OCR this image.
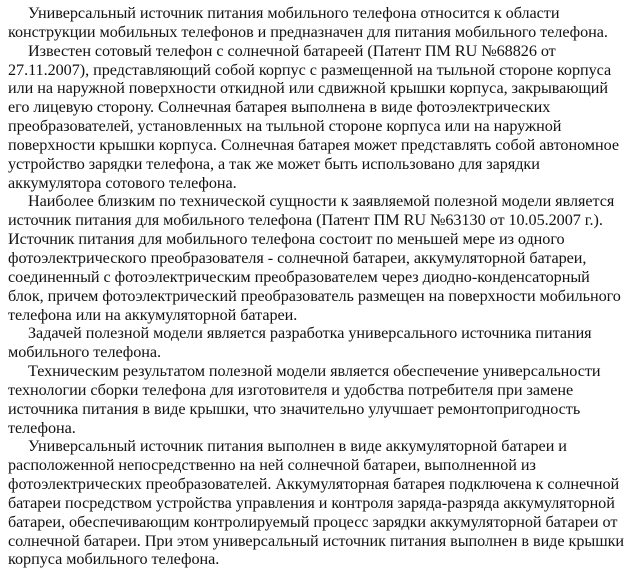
Универсальный источник питания мобильного телефона относится к области конструкции мобильных телефонов и предназначен для питания мобильного телефона.

Известен сотовый телефон с солнечной батареей (Патент ПМ RU №68826 от 27.11.2007), представляющий собой корпус с размещенной на тыльной стороне корпуса или на наружной поверхности откидной или сдвижной крышки корпуса, закрывающий его лицевую сторону. Солнечная батарея выполнена в виде фотоэлектрических преобразователей, установленных на тыльной стороне корпуса или на наружной поверхности крышки корпуса. Солнечная батарея может представлять собой автономное устройство зарядки телефона, а так же может быть использовано для зарядки аккумулятора сотового телефона.

Наиболее близким по технической сущности к заявляемой полезной модели является источник питания для мобильного телефона (Патент ПМ RU №63130 от 10.05.2007 г.). Источник питания для мобильного телефона состоит по меньшей мере из одного фотоэлектрического преобразователя - солнечной батареи, аккумуляторной батареи, соединенный с фотоэлектрическим преобразователем через диодно-конденсаторный блок, причем фотоэлектрический преобразователь размещен на поверхности мобильного телефона или на аккумуляторной батареи.

Задачей полезной модели является разработка универсального источника питания мобильного телефона.

Техническим результатом полезной модели является обеспечение универсальности технологии сборки телефона для изготовителя и удобства потребителя при замене источника питания в виде крышки, что значительно улучшает ремонтопригодность телефона.

Универсальный источник питания выполнен в виде аккумуляторной батареи и расположенной непосредственно на ней солнечной батареи, выполненной из фотоэлектрических преобразователей. Аккумуляторная батарея подключена к солнечной батареи посредством устройства управления и контроля заряда-разряда аккумуляторной батареи, обеспечивающим контролируемый процесс зарядки аккумуляторной батареи от солнечной батареи. При этом универсальный источник питания выполнен в виде крышки корпуса мобильного телефона.
